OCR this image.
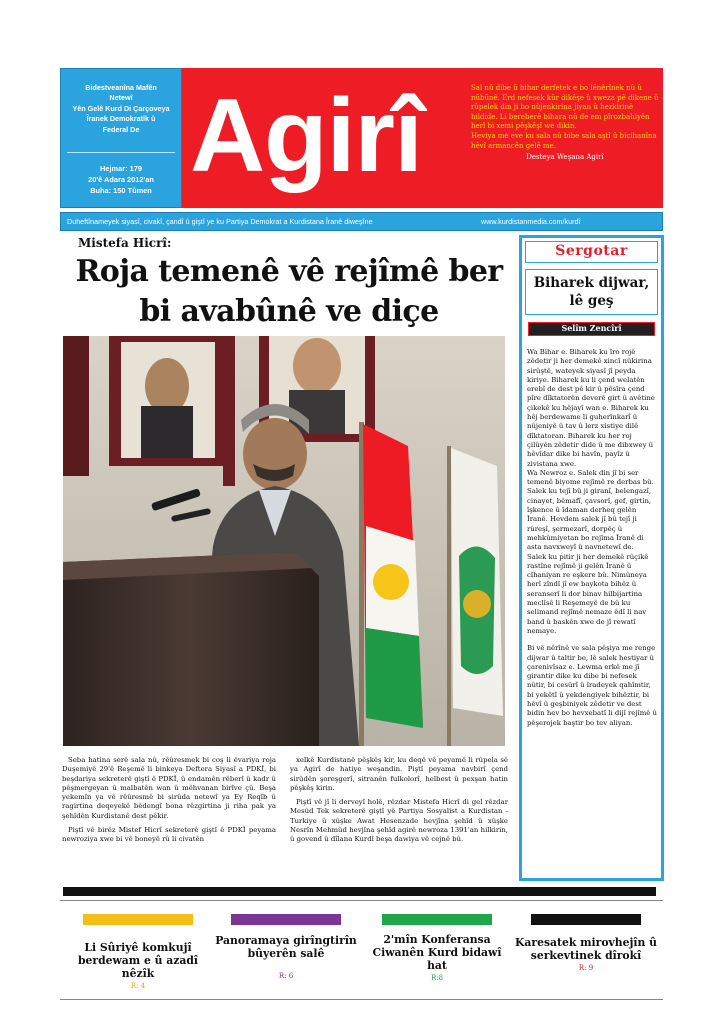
Bidestveanîna Mafên
Netewî
Yên Gelê Kurd Di Çarçoveya
Îranek Demokratîk û
Federal De
Hejmar: 179
20'ê Adara 2012'an
Buha: 150 Tûmen Agirî	Sal nû dibe û bihar derfetek e bo lênêrînek nû û nûbûnê. Erd nefesek kûr dikêşe û xweza pê dikene û rûpelek din ji bo nûjenkirina jiyan û hezkirinê hildide. Li bereberê bihara nû de em pîrozbahiyên herî bi xemi pêşkêşî we dikin.
Heviya me eve ku sala nû bibe sala aştî û bicihanîna hêvî armancên gelê me.
Desteya Weşana Agirî
Duheftînameyek siyasî, civakî, çandî û giştî ye ku Partiya Demokrat a Kurdistana Îranê diweşîne	www.kurdistanmedia.com/kurdî
Mistefa Hicrî:
Roja temenê vê rejîmê ber
bi avabûnê ve diçe

Seba hatina serê sala nû, rêûresmek bi coş li êvariya roja Duşemiyê 29'ê Reşemê li binkeya Deftera Siyasî a PDKÎ, bi beşdariya sekreterê giştî ê PDKÎ, û endamên rêberî û kadr û pêşmergeyan û malbatên wan û mêhvanan birîve çû. Beşa yekemîn ya vê rêûresmê bi sirûda netewî ya Ey Reqîb û ragirtina deqeyekê bêdengî bona rêzgirtina ji riha pak ya şehîdên Kurdistanê dest pêkir.

Piştî vê birêz Mistef Hicrî sekreterê giştî ê PDKÎ peyama newroziya xwe bi vê boneyê rû li civatên

xelkê Kurdistanê pêşkêş kir, ku deqê vê peyamê li rûpela sê ya Agirî de hatiye weşandin. Piştî peyama navbirî çend sirûdên şoreşgerî, sitranên fulkolorî, helbest û pexşan hatin pêşkêş kirin.

Piştî vê jî li derveyî holê, rêzdar Mistefa Hicrî di gel rêzdar Mesûd Tek sekreterê giştî yê Partiya Sosyalist a Kurdistan - Turkiye û xûşke Awat Hesenzade hevjîna şehîd û xûşke Nesrîn Mehmûd hevjîna şehîd agirê newroza 1391'an hilkirin, û govend û dîlana Kurdî beşa dawiya vê cejnê bû.

Sergotar
Biharek dijwar,
lê geş
Selîm Zencîrî

Wa Bihar e. Biharek ku îro rojê zêdetir ji her demekê xincî nûkirina sirûştê, wateyek siyasî jî peyda kiriye. Biharek ku li çend welatên erebî de dest pê kir û pêsîra çend pîre dîktatorên deverê girt û avêtine çikekê ku hêjayî wan e. Biharek ku hêj berdewame li guherînkarî û nûjeniyê û tav û lerz xistiye dilê dîktatoran. Biharek ku her roj çilûyên zêdetir dide û me dibxwey û hêvîdar dike bi havîn, payîz û zivistana xwe.
Wa Newroz e. Salek din jî bi ser temenê biyome rejîmê re derbas bû. Salek ku tejî bû ji giranî, belengazî, cinayet, bêmafî, çavsorî, gef, girtin, îşkence û îdaman derheq gelên Îranê. Hevdem salek jî bû tejî ji rûreşî, şermezarî, dorpêç û mehkûmiyetan bo rejîma Îranê di asta navxweyî û navnetewî de.
Salek ku pitir ji her demekê rûçikê rastîne rejîmê ji gelên Îranê û cîhaniyan re eşkere bû. Nimûneya herî zîndî jî ew baykota bihêz û seranserî li dor binav hilbijartina meclîsê li Reşemeyê de bû ku selimand rejîmê nemaze êdî li nav band û baskên xwe de jî rewatî nemaye.

Bi vê nêrînê ve sala pêşiya me renge dijwar û taltir be, lê salek hestiyar û çarenivîsaz e. Lewma erkê me jî girantir dike ku dibe bi nefesek nûtir, bi cesûrî û îradeyek qahîmtir, bi yekêtî û yekdengiyek bihêztir, bi hêvî û geşbiniyek zêdetir ve dest bidin hev bo hevxebatî li dijî rejîmê û pêşerojek baştir bo tev aliyan.

Li Sûriyê komkujî berdewam e û azadî nêzîk
R: 4
Panoramaya girîngtirîn bûyerên salê
R: 6
2'mîn Konferansa Ciwanên Kurd bidawî hat
R:8
Karesatek mirovhejîn û serkevtinek dîrokî
R: 9
